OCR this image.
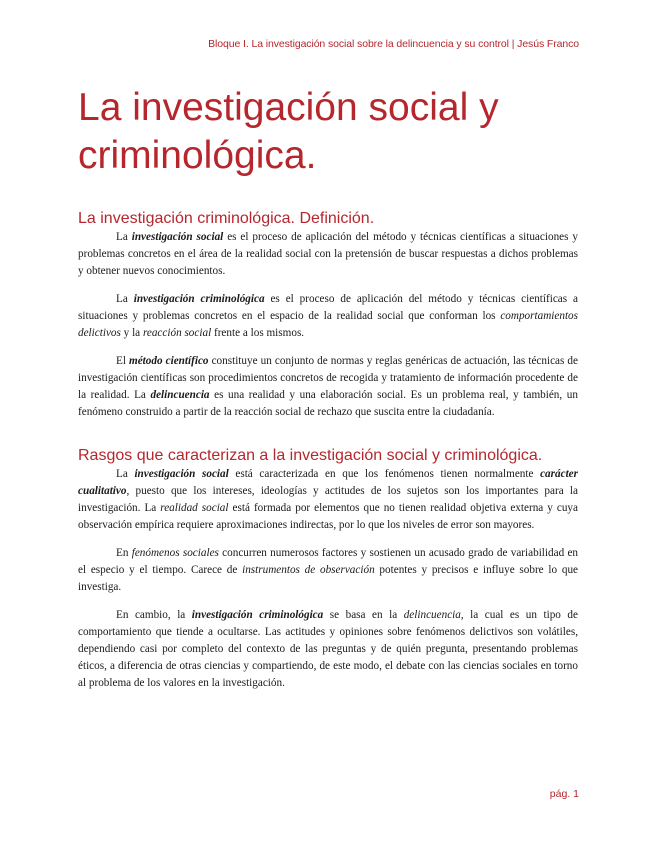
Bloque I. La investigación social sobre la delincuencia y su control | Jesús Franco
La investigación social y criminológica.
La investigación criminológica. Definición.

La investigación social es el proceso de aplicación del método y técnicas científicas a situaciones y problemas concretos en el área de la realidad social con la pretensión de buscar respuestas a dichos problemas y obtener nuevos conocimientos.

La investigación criminológica es el proceso de aplicación del método y técnicas científicas a situaciones y problemas concretos en el espacio de la realidad social que conforman los comportamientos delictivos y la reacción social frente a los mismos.

El método científico constituye un conjunto de normas y reglas genéricas de actuación, las técnicas de investigación científicas son procedimientos concretos de recogida y tratamiento de información procedente de la realidad. La delincuencia es una realidad y una elaboración social. Es un problema real, y también, un fenómeno construido a partir de la reacción social de rechazo que suscita entre la ciudadanía.

Rasgos que caracterizan a la investigación social y criminológica.

La investigación social está caracterizada en que los fenómenos tienen normalmente carácter cualitativo, puesto que los intereses, ideologías y actitudes de los sujetos son los importantes para la investigación. La realidad social está formada por elementos que no tienen realidad objetiva externa y cuya observación empírica requiere aproximaciones indirectas, por lo que los niveles de error son mayores.

En fenómenos sociales concurren numerosos factores y sostienen un acusado grado de variabilidad en el especio y el tiempo. Carece de instrumentos de observación potentes y precisos e influye sobre lo que investiga.

En cambio, la investigación criminológica se basa en la delincuencia, la cual es un tipo de comportamiento que tiende a ocultarse. Las actitudes y opiniones sobre fenómenos delictivos son volátiles, dependiendo casi por completo del contexto de las preguntas y de quién pregunta, presentando problemas éticos, a diferencia de otras ciencias y compartiendo, de este modo, el debate con las ciencias sociales en torno al problema de los valores en la investigación.

pág. 1
